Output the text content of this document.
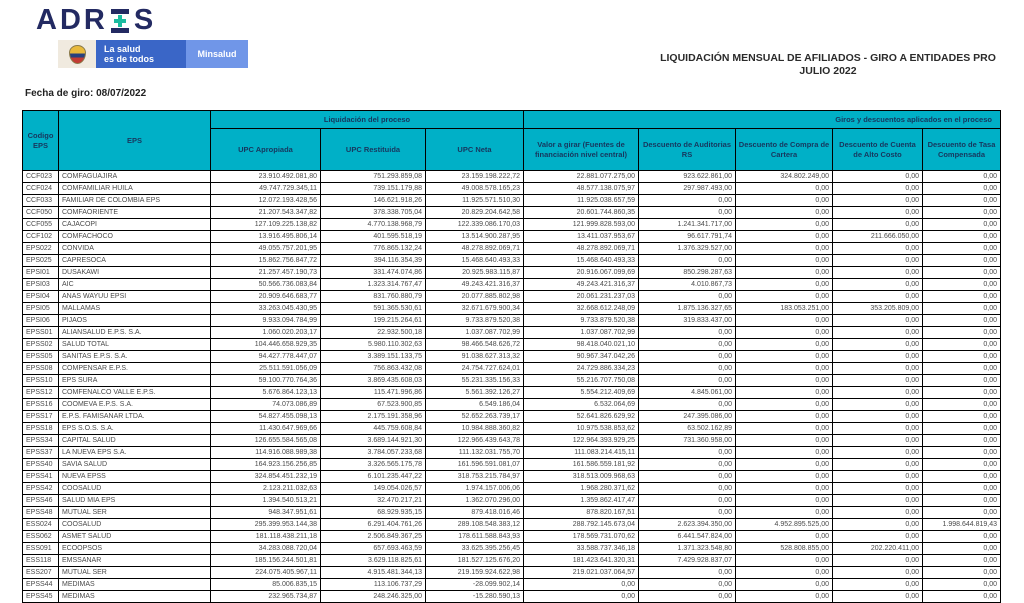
ADR S
La salud
es de todos	Minsalud	LIQUIDACIÓN MENSUAL DE AFILIADOS - GIRO A ENTIDADES PRO
JULIO 2022
Fecha de giro: 08/07/2022
Codigo EPS	EPS	Liquidación del proceso			Giros y descuentos aplicados en el proceso				
		UPC Apropiada	UPC Restituida	UPC Neta	Valor a girar (Fuentes de financiación nivel central)	Descuento de Auditorias RS	Descuento de Compra de Cartera	Descuento de Cuenta de Alto Costo	Descuento de Tasa Compensada
CCF023	COMFAGUAJIRA	23.910.492.081,80	751.293.859,08	23.159.198.222,72	22.881.077.275,00	923.622.861,00	324.802.249,00	0,00	0,00
CCF024	COMFAMILIAR HUILA	49.747.729.345,11	739.151.179,88	49.008.578.165,23	48.577.138.075,97	297.987.493,00	0,00	0,00	0,00
CCF033	FAMILIAR DE COLOMBIA EPS	12.072.193.428,56	146.621.918,26	11.925.571.510,30	11.925.038.657,59	0,00	0,00	0,00	0,00
CCF050	COMFAORIENTE	21.207.543.347,82	378.338.705,04	20.829.204.642,58	20.601.744.860,35	0,00	0,00	0,00	0,00
CCF055	CAJACOPI	127.109.225.138,82	4.770.138.968,79	122.339.086.170,03	121.999.828.593,00	1.241.341.717,00	0,00	0,00	0,00
CCF102	COMFACHOCO	13.916.495.806,14	401.595.518,19	13.514.900.287,95	13.411.037.953,67	96.617.791,74	0,00	211.666.050,00	0,00
EPS022	CONVIDA	49.055.757.201,95	776.865.132,24	48.278.892.069,71	48.278.892.069,71	1.376.329.527,00	0,00	0,00	0,00
EPS025	CAPRESOCA	15.862.756.847,72	394.116.354,39	15.468.640.493,33	15.468.640.493,33	0,00	0,00	0,00	0,00
EPSI01	DUSAKAWI	21.257.457.190,73	331.474.074,86	20.925.983.115,87	20.916.067.099,69	850.298.287,63	0,00	0,00	0,00
EPSI03	AIC	50.566.736.083,84	1.323.314.767,47	49.243.421.316,37	49.243.421.316,37	4.010.867,73	0,00	0,00	0,00
EPSI04	ANAS WAYUU EPSI	20.909.646.683,77	831.760.880,79	20.077.885.802,98	20.061.231.237,03	0,00	0,00	0,00	0,00
EPSI05	MALLAMAS	33.263.045.430,95	591.365.530,61	32.671.679.900,34	32.668.612.248,09	1.875.136.327,65	183.053.251,00	353.205.809,00	0,00
EPSI06	PIJAOS	9.933.094.784,99	199.215.264,61	9.733.879.520,38	9.733.879.520,38	319.833.437,00	0,00	0,00	0,00
EPSS01	ALIANSALUD E.P.S. S.A.	1.060.020.203,17	22.932.500,18	1.037.087.702,99	1.037.087.702,99	0,00	0,00	0,00	0,00
EPSS02	SALUD TOTAL	104.446.658.929,35	5.980.110.302,63	98.466.548.626,72	98.418.040.021,10	0,00	0,00	0,00	0,00
EPSS05	SANITAS E.P.S. S.A.	94.427.778.447,07	3.389.151.133,75	91.038.627.313,32	90.967.347.042,26	0,00	0,00	0,00	0,00
EPSS08	COMPENSAR E.P.S.	25.511.591.056,09	756.863.432,08	24.754.727.624,01	24.729.886.334,23	0,00	0,00	0,00	0,00
EPSS10	EPS SURA	59.100.770.764,36	3.869.435.608,03	55.231.335.156,33	55.216.707.750,08	0,00	0,00	0,00	0,00
EPSS12	COMFENALCO VALLE E.P.S.	5.676.864.123,13	115.471.996,86	5.561.392.126,27	5.554.212.409,69	4.845.061,00	0,00	0,00	0,00
EPSS16	COOMEVA E.P.S. S.A.	74.073.086,89	67.523.900,85	6.549.186,04	6.532.064,69	0,00	0,00	0,00	0,00
EPSS17	E.P.S. FAMISANAR LTDA.	54.827.455.098,13	2.175.191.358,96	52.652.263.739,17	52.641.826.629,92	247.395.086,00	0,00	0,00	0,00
EPSS18	EPS S.O.S. S.A.	11.430.647.969,66	445.759.608,84	10.984.888.360,82	10.975.538.853,62	63.502.162,89	0,00	0,00	0,00
EPSS34	CAPITAL SALUD	126.655.584.565,08	3.689.144.921,30	122.966.439.643,78	122.964.393.929,25	731.360.958,00	0,00	0,00	0,00
EPSS37	LA NUEVA EPS S.A.	114.916.088.989,38	3.784.057.233,68	111.132.031.755,70	111.083.214.415,11	0,00	0,00	0,00	0,00
EPSS40	SAVIA SALUD	164.923.156.256,85	3.326.565.175,78	161.596.591.081,07	161.586.559.181,92	0,00	0,00	0,00	0,00
EPSS41	NUEVA EPSS	324.854.451.232,19	6.101.235.447,22	318.753.215.784,97	318.513.009.968,63	0,00	0,00	0,00	0,00
EPSS42	COOSALUD	2.123.211.032,63	149.054.026,57	1.974.157.006,06	1.968.280.371,62	0,00	0,00	0,00	0,00
EPSS46	SALUD MIA EPS	1.394.540.513,21	32.470.217,21	1.362.070.296,00	1.359.862.417,47	0,00	0,00	0,00	0,00
EPSS48	MUTUAL SER	948.347.951,61	68.929.935,15	879.418.016,46	878.820.167,51	0,00	0,00	0,00	0,00
ESS024	COOSALUD	295.399.953.144,38	6.291.404.761,26	289.108.548.383,12	288.792.145.673,04	2.623.394.350,00	4.952.895.525,00	0,00	1.998.644.819,43
ESS062	ASMET SALUD	181.118.438.211,18	2.506.849.367,25	178.611.588.843,93	178.569.731.070,62	6.441.547.824,00	0,00	0,00	0,00
ESS091	ECOOPSOS	34.283.088.720,04	657.693.463,59	33.625.395.256,45	33.588.737.346,18	1.371.323.548,80	528.808.855,00	202.220.411,00	0,00
ESS118	EMSSANAR	185.156.244.501,81	3.629.118.825,61	181.527.125.676,20	181.423.641.320,31	7.429.928.837,07	0,00	0,00	0,00
ESS207	MUTUAL SER	224.075.405.967,11	4.915.481.344,13	219.159.924.622,98	219.021.037.064,57	0,00	0,00	0,00	0,00
EPSS44	MEDIMAS	85.006.835,15	113.106.737,29	-28.099.902,14	0,00	0,00	0,00	0,00	0,00
EPSS45	MEDIMAS	232.965.734,87	248.246.325,00	-15.280.590,13	0,00	0,00	0,00	0,00	0,00
